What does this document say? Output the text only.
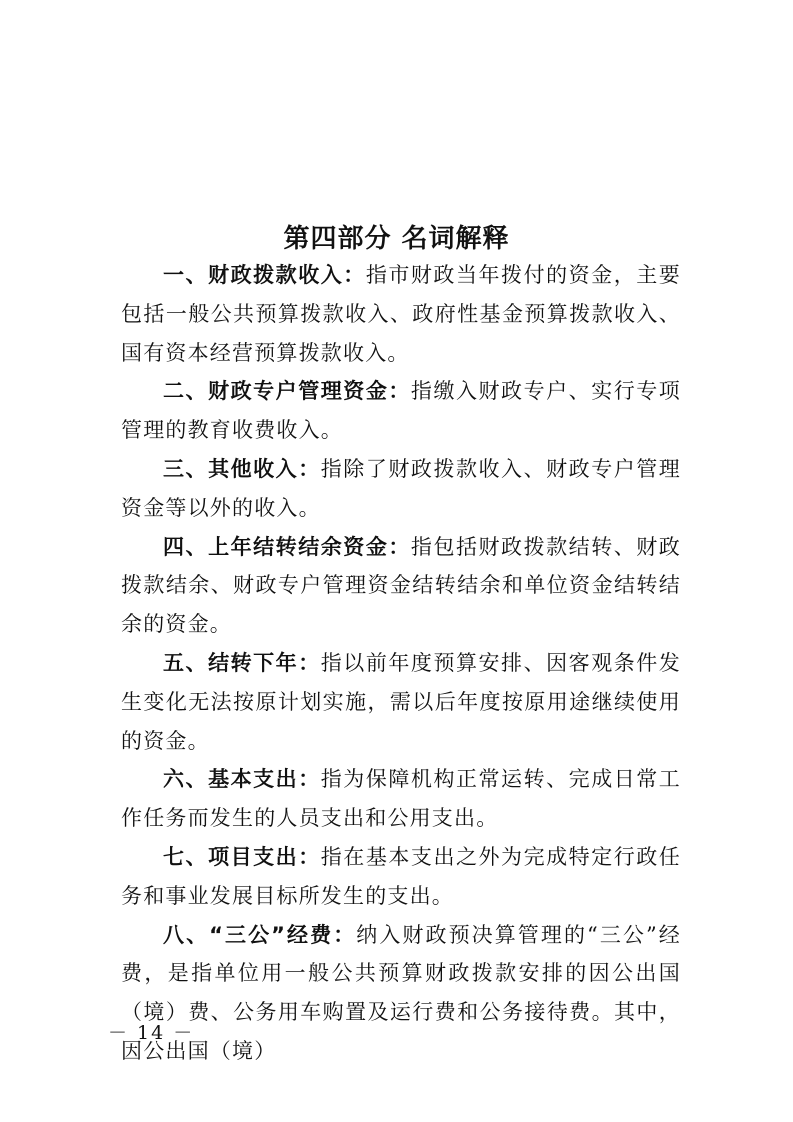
第四部分 名词解释

一、财政拨款收入：指市财政当年拨付的资金，主要包括一般公共预算拨款收入、政府性基金预算拨款收入、国有资本经营预算拨款收入。

二、财政专户管理资金：指缴入财政专户、实行专项管理的教育收费收入。

三、其他收入：指除了财政拨款收入、财政专户管理资金等以外的收入。

四、上年结转结余资金：指包括财政拨款结转、财政拨款结余、财政专户管理资金结转结余和单位资金结转结余的资金。

五、结转下年：指以前年度预算安排、因客观条件发生变化无法按原计划实施，需以后年度按原用途继续使用的资金。

六、基本支出：指为保障机构正常运转、完成日常工作任务而发生的人员支出和公用支出。

七、项目支出：指在基本支出之外为完成特定行政任务和事业发展目标所发生的支出。

八、“三公”经费：纳入财政预决算管理的“三公”经费，是指单位用一般公共预算财政拨款安排的因公出国（境）费、公务用车购置及运行费和公务接待费。其中，因公出国（境）

－ 14 －
